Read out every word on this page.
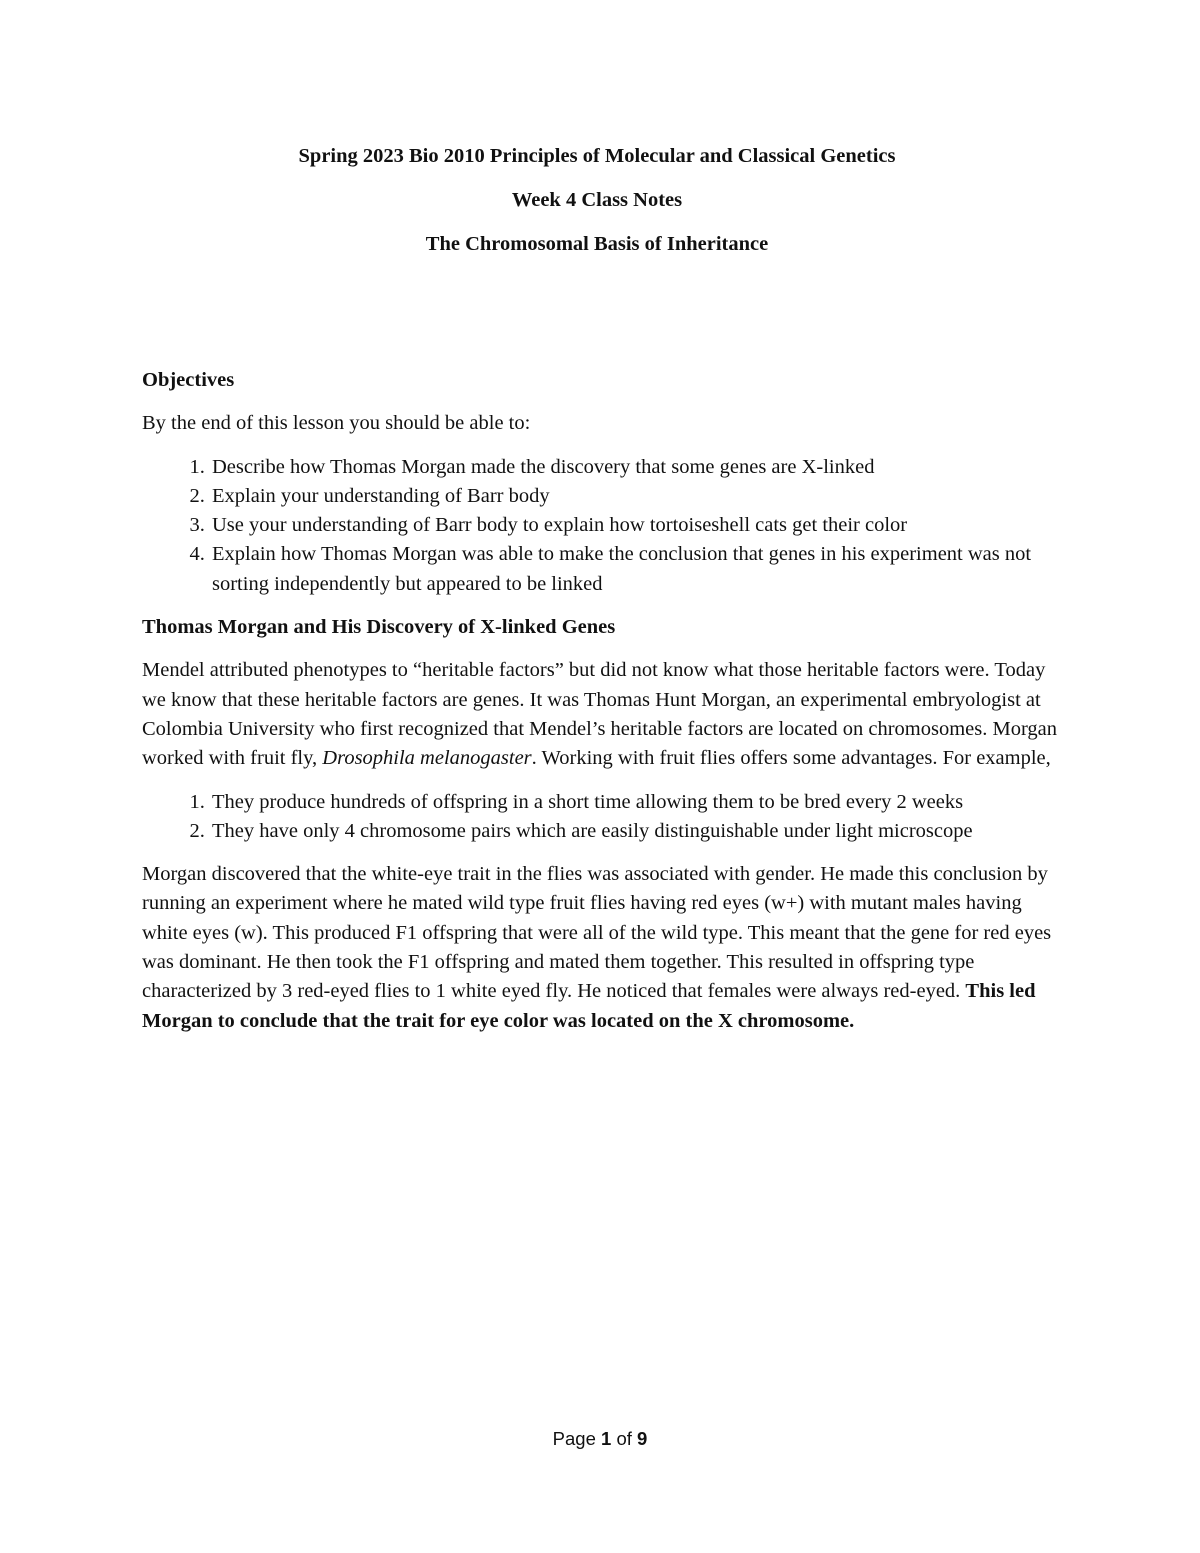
Spring 2023 Bio 2010 Principles of Molecular and Classical Genetics
Week 4 Class Notes
The Chromosomal Basis of Inheritance
Objectives

By the end of this lesson you should be able to:

1. Describe how Thomas Morgan made the discovery that some genes are X-linked
2. Explain your understanding of Barr body
3. Use your understanding of Barr body to explain how tortoiseshell cats get their color
4. Explain how Thomas Morgan was able to make the conclusion that genes in his experiment was not sorting independently but appeared to be linked
Thomas Morgan and His Discovery of X-linked Genes

Mendel attributed phenotypes to “heritable factors” but did not know what those heritable factors were. Today we know that these heritable factors are genes. It was Thomas Hunt Morgan, an experimental embryologist at Colombia University who first recognized that Mendel’s heritable factors are located on chromosomes. Morgan worked with fruit fly, Drosophila melanogaster. Working with fruit flies offers some advantages. For example,

1. They produce hundreds of offspring in a short time allowing them to be bred every 2 weeks
2. They have only 4 chromosome pairs which are easily distinguishable under light microscope

Morgan discovered that the white-eye trait in the flies was associated with gender. He made this conclusion by running an experiment where he mated wild type fruit flies having red eyes (w+) with mutant males having white eyes (w). This produced F1 offspring that were all of the wild type. This meant that the gene for red eyes was dominant. He then took the F1 offspring and mated them together. This resulted in offspring type characterized by 3 red-eyed flies to 1 white eyed fly. He noticed that females were always red-eyed. This led Morgan to conclude that the trait for eye color was located on the X chromosome.

Page 1 of 9
